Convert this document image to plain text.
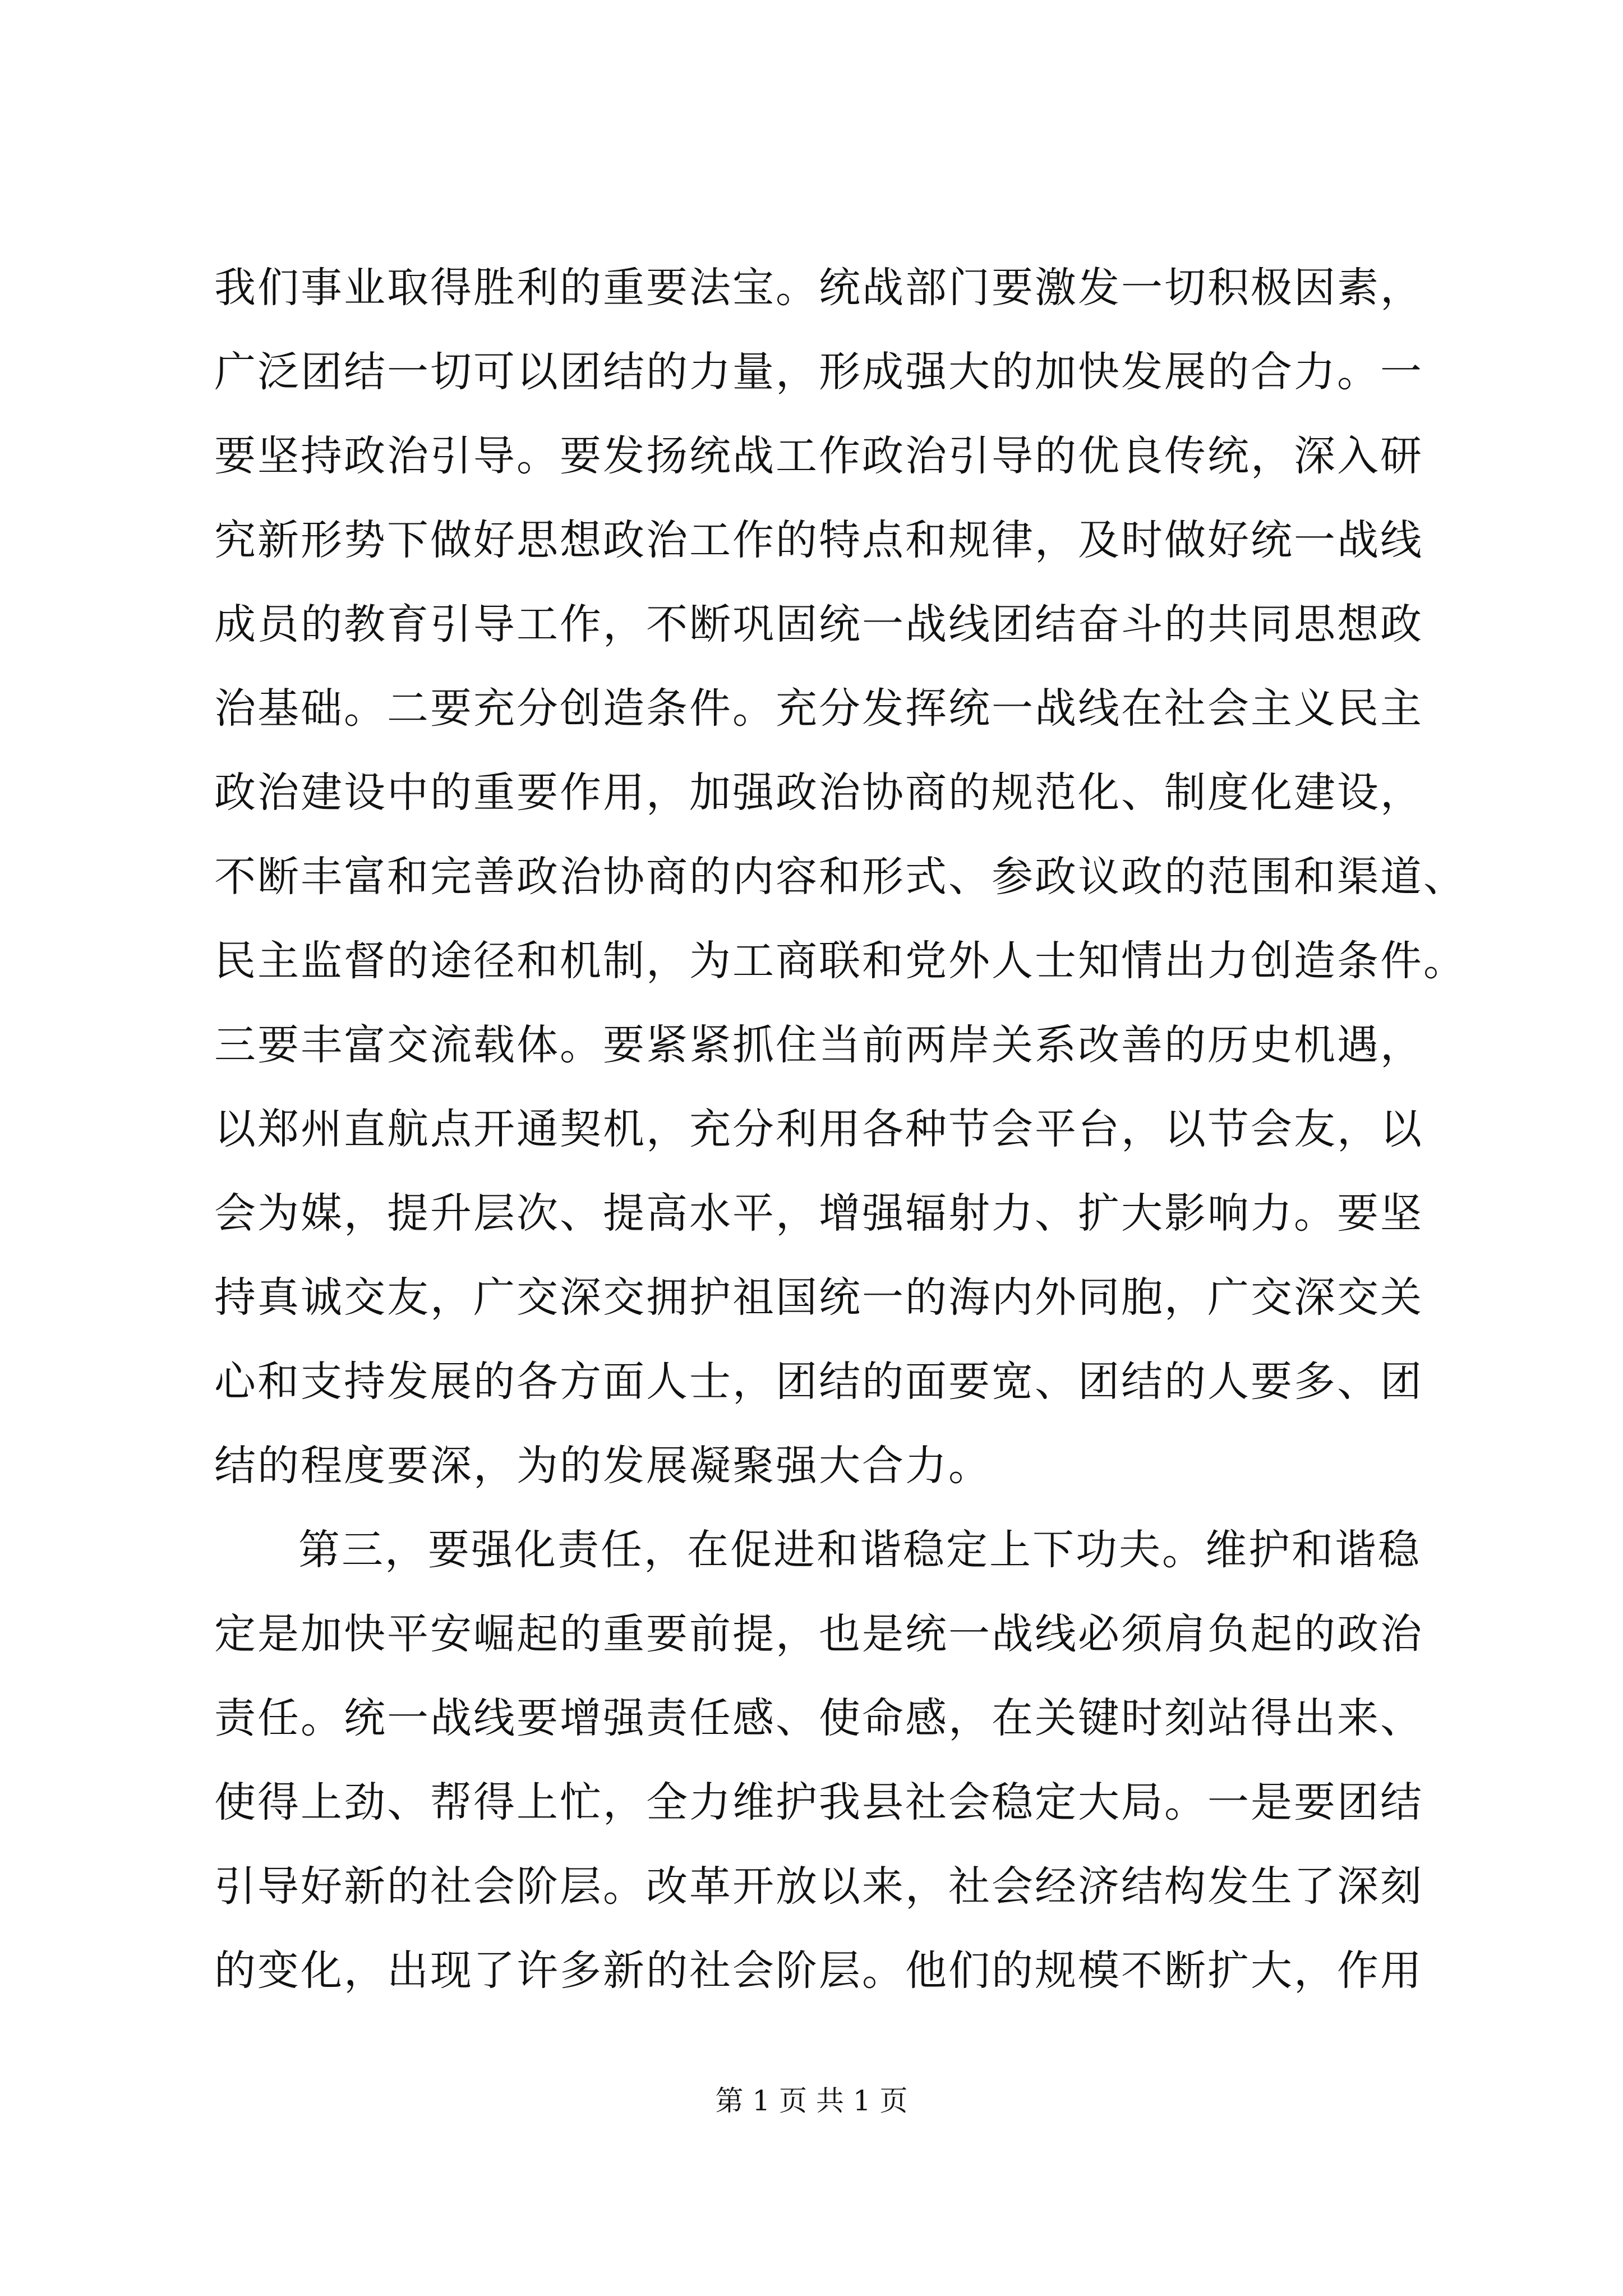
我们事业取得胜利的重要法宝。统战部门要激发一切积极因素，
广泛团结一切可以团结的力量，形成强大的加快发展的合力。一
要坚持政治引导。要发扬统战工作政治引导的优良传统，深入研
究新形势下做好思想政治工作的特点和规律，及时做好统一战线
成员的教育引导工作，不断巩固统一战线团结奋斗的共同思想政
治基础。二要充分创造条件。充分发挥统一战线在社会主义民主
政治建设中的重要作用，加强政治协商的规范化、制度化建设，
不断丰富和完善政治协商的内容和形式、参政议政的范围和渠道、
民主监督的途径和机制，为工商联和党外人士知情出力创造条件。
三要丰富交流载体。要紧紧抓住当前两岸关系改善的历史机遇，
以郑州直航点开通契机，充分利用各种节会平台，以节会友，以
会为媒，提升层次、提高水平，增强辐射力、扩大影响力。要坚
持真诚交友，广交深交拥护祖国统一的海内外同胞，广交深交关
心和支持发展的各方面人士，团结的面要宽、团结的人要多、团
结的程度要深，为的发展凝聚强大合力。
第三，要强化责任，在促进和谐稳定上下功夫。维护和谐稳
定是加快平安崛起的重要前提，也是统一战线必须肩负起的政治
责任。统一战线要增强责任感、使命感，在关键时刻站得出来、
使得上劲、帮得上忙，全力维护我县社会稳定大局。一是要团结
引导好新的社会阶层。改革开放以来，社会经济结构发生了深刻
的变化，出现了许多新的社会阶层。他们的规模不断扩大，作用
第 1 页 共 1 页
